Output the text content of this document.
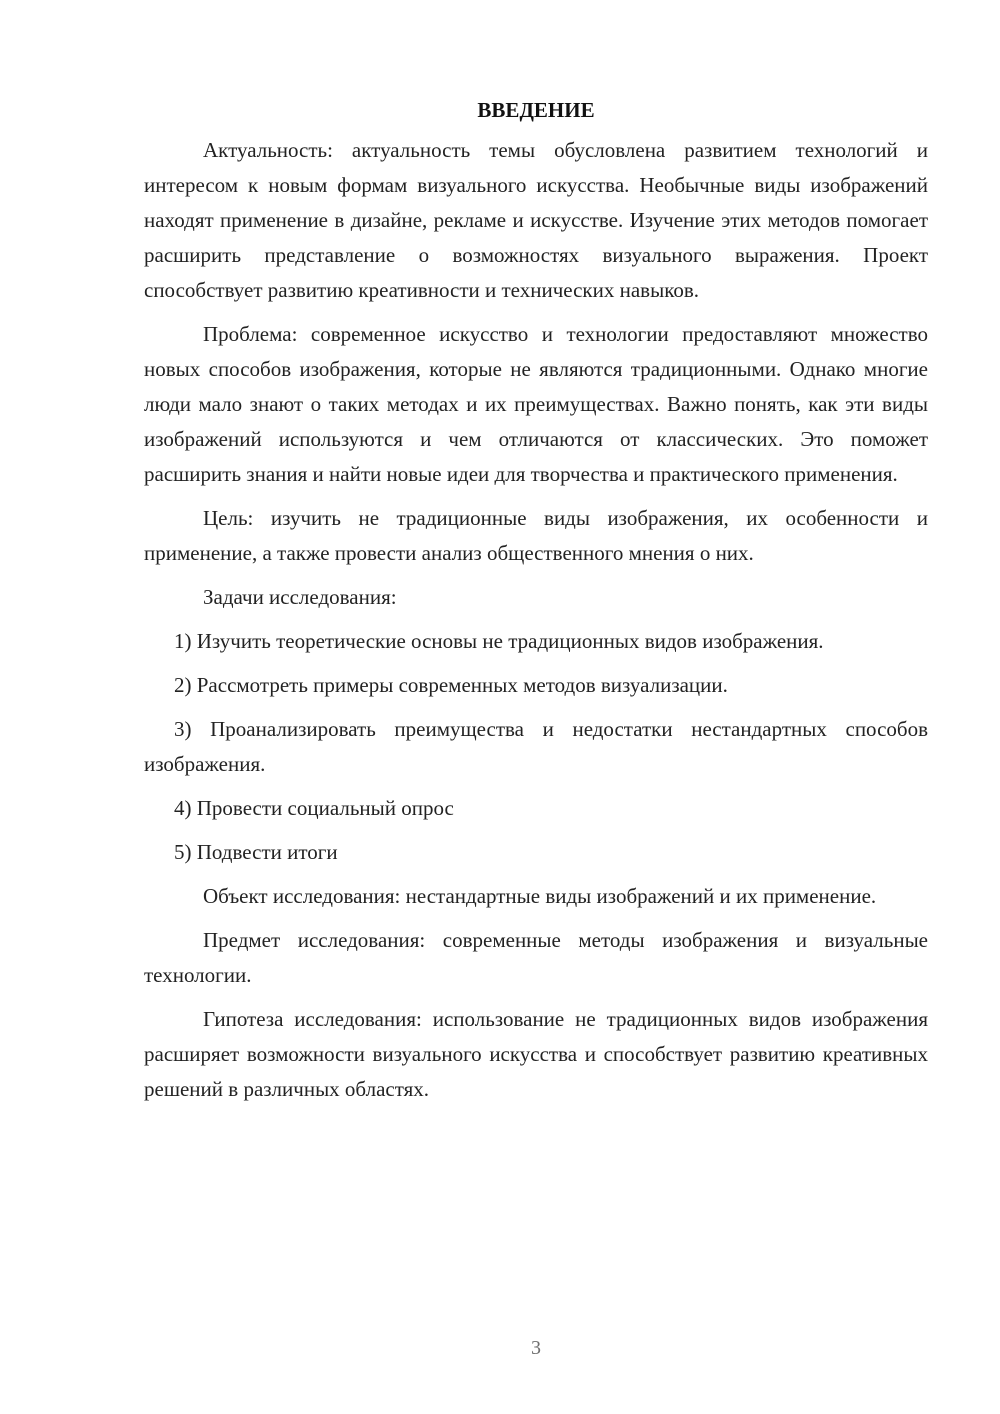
ВВЕДЕНИЕ

Актуальность: актуальность темы обусловлена развитием технологий и интересом к новым формам визуального искусства. Необычные виды изображений находят применение в дизайне, рекламе и искусстве. Изучение этих методов помогает расширить представление о возможностях визуального выражения. Проект способствует развитию креативности и технических навыков.

Проблема: современное искусство и технологии предоставляют множество новых способов изображения, которые не являются традиционными. Однако многие люди мало знают о таких методах и их преимуществах. Важно понять, как эти виды изображений используются и чем отличаются от классических. Это поможет расширить знания и найти новые идеи для творчества и практического применения.

Цель: изучить не традиционные виды изображения, их особенности и применение, а также провести анализ общественного мнения о них.

Задачи исследования:

1) Изучить теоретические основы не традиционных видов изображения.

2) Рассмотреть примеры современных методов визуализации.

3) Проанализировать преимущества и недостатки нестандартных способов изображения.

4) Провести социальный опрос

5) Подвести итоги

Объект исследования: нестандартные виды изображений и их применение.

Предмет исследования: современные методы изображения и визуальные технологии.

Гипотеза исследования: использование не традиционных видов изображения расширяет возможности визуального искусства и способствует развитию креативных решений в различных областях.

3
